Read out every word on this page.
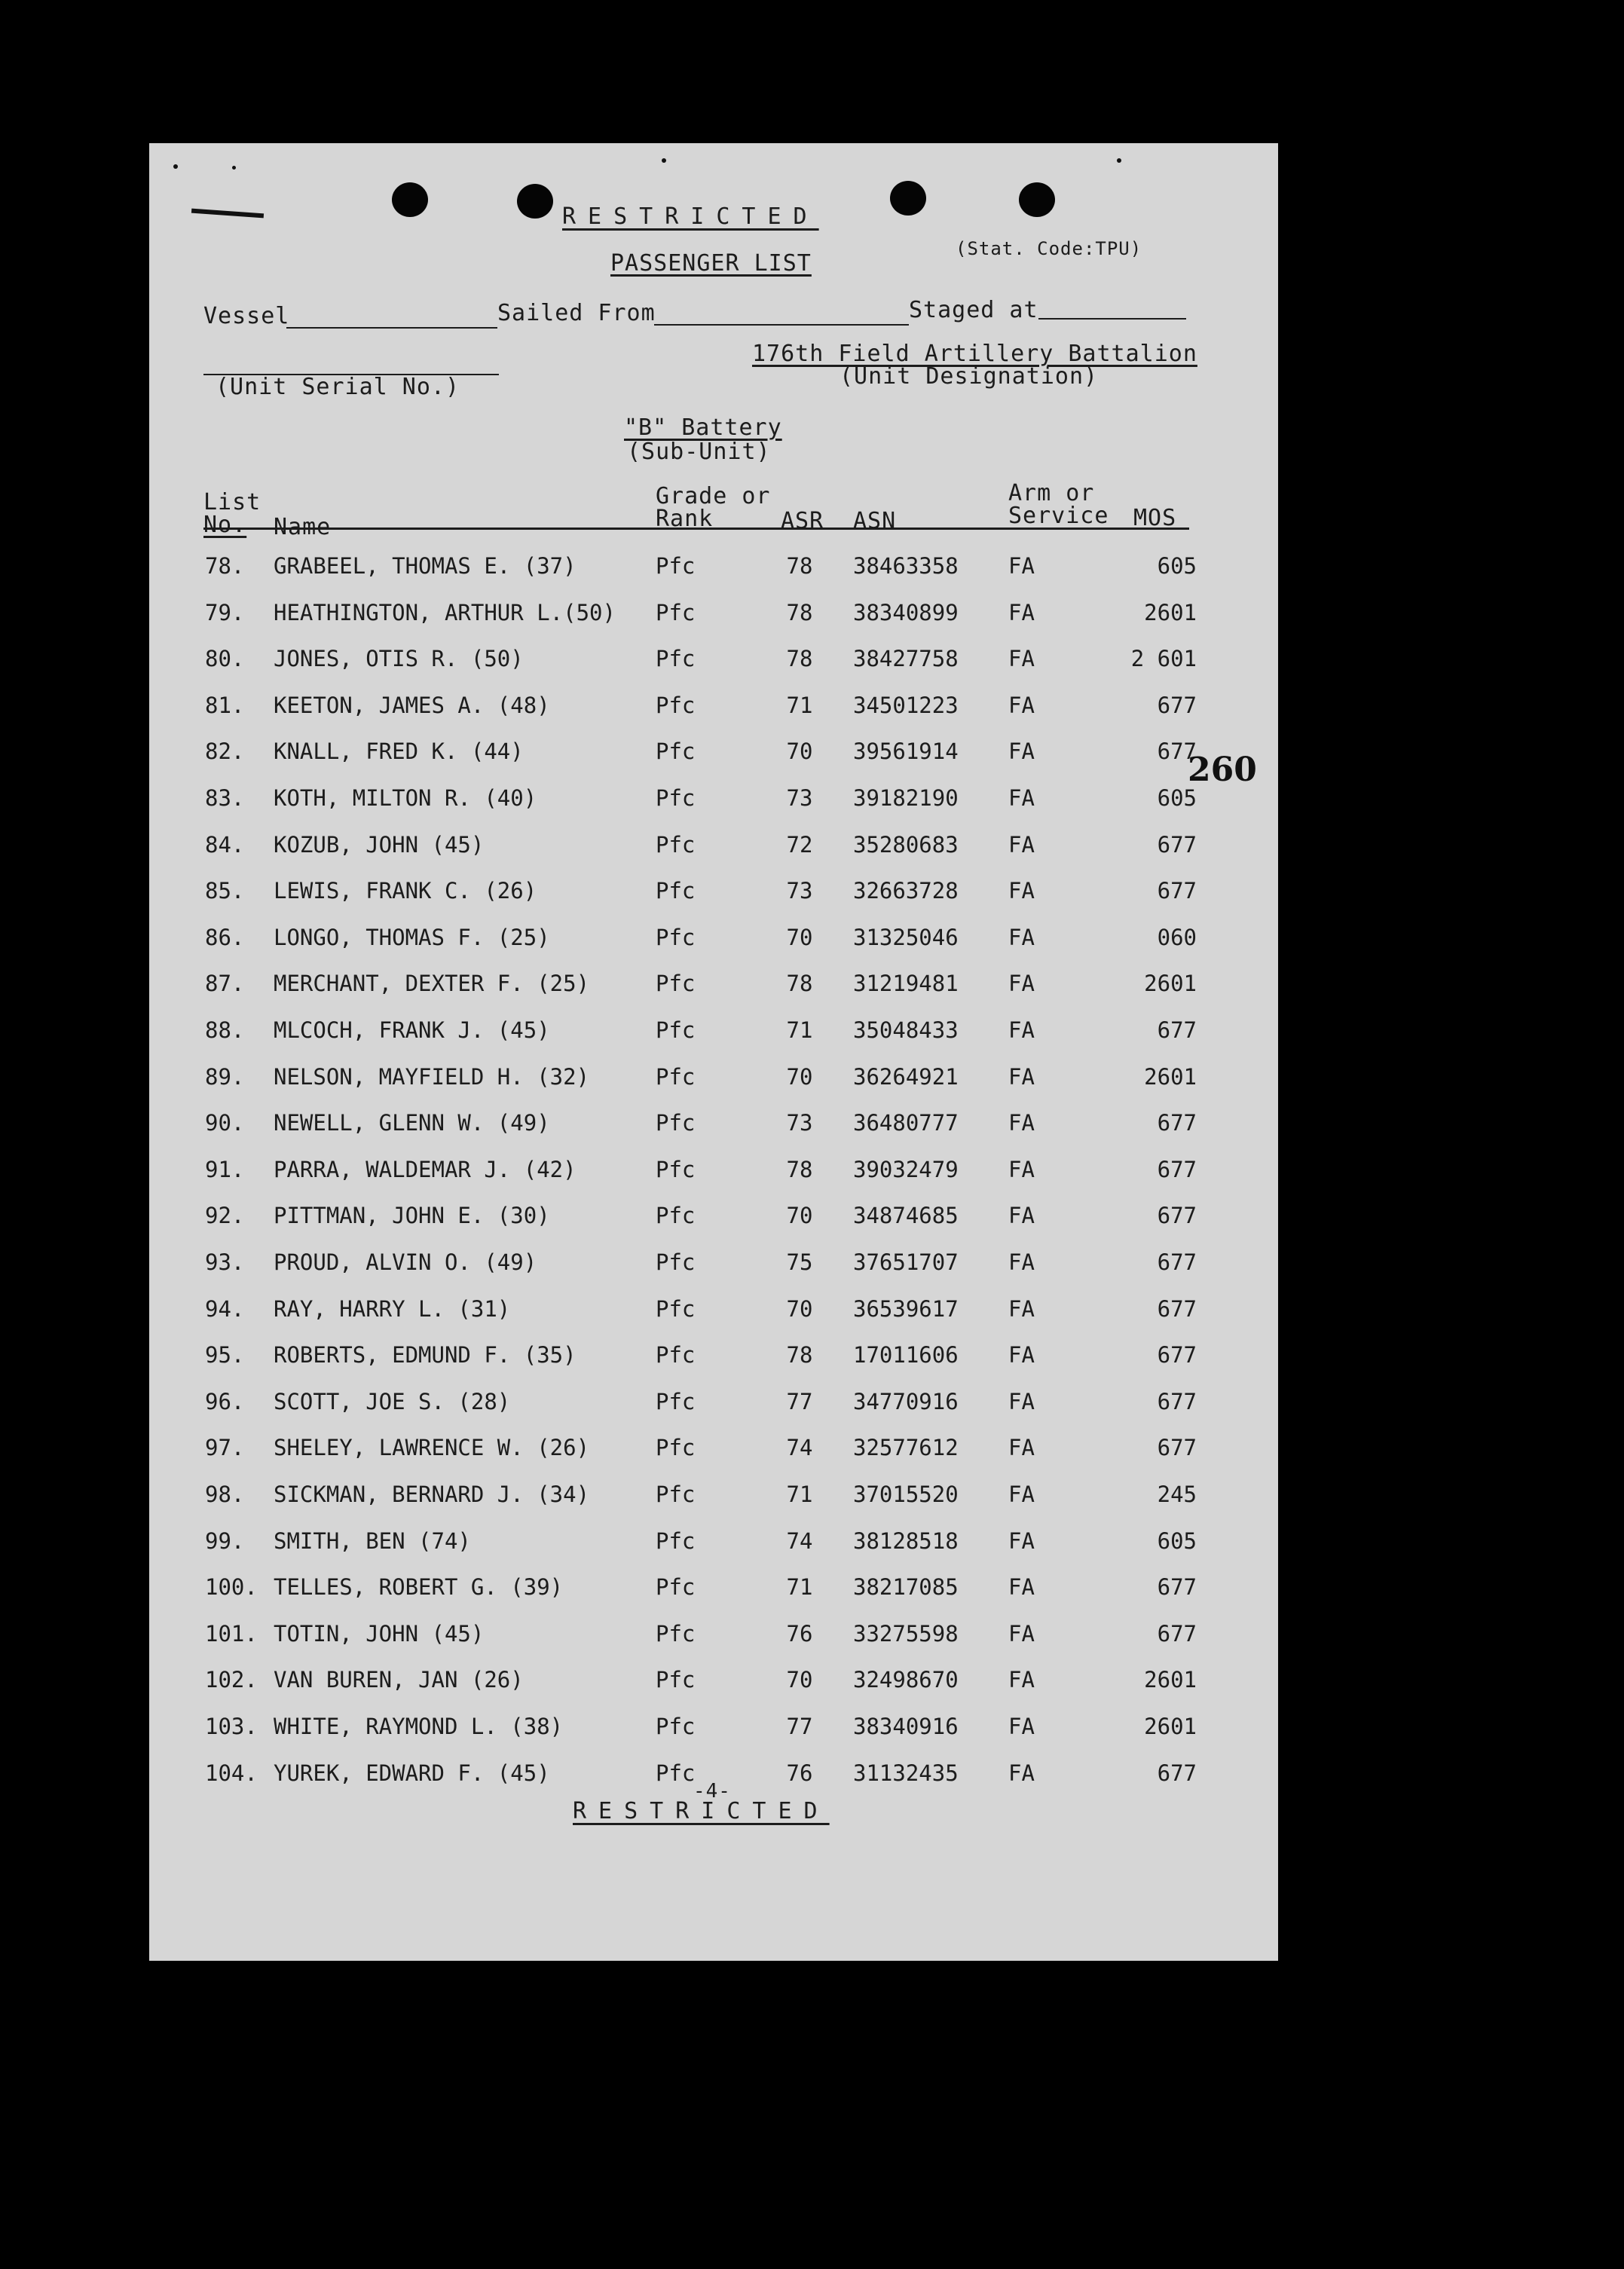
RESTRICTED
(Stat. Code:TPU)
PASSENGER LIST
Vessel	Sailed From	Staged at
176th Field Artillery Battalion
(Unit Designation)
(Unit Serial No.)
"B" Battery
(Sub-Unit)
List
No.	Name
Grade or
Rank	ASR ASN
Arm or
Service MOS
78. GRABEEL, THOMAS E. (37)	Pfc	78 38463358 FA	605
79. HEATHINGTON, ARTHUR L.(50) Pfc	78 38340899 FA	2601
80. JONES, OTIS R. (50)	Pfc	78 38427758 FA	2 601
81. KEETON, JAMES A. (48)	Pfc	71 34501223 FA	677
82. KNALL, FRED K. (44)	Pfc	70 39561914 FA	677
83. KOTH, MILTON R. (40)	Pfc	73 39182190 FA	605
84. KOZUB, JOHN (45)	Pfc	72 35280683 FA	677
85. LEWIS, FRANK C. (26)	Pfc	73 32663728 FA	677
86. LONGO, THOMAS F. (25)	Pfc	70 31325046 FA	060
87. MERCHANT, DEXTER F. (25)	Pfc	78 31219481 FA	2601
88. MLCOCH, FRANK J. (45)	Pfc	71 35048433 FA	677
89. NELSON, MAYFIELD H. (32)	Pfc	70 36264921 FA	2601
90. NEWELL, GLENN W. (49)	Pfc	73 36480777 FA	677
91. PARRA, WALDEMAR J. (42)	Pfc	78 39032479 FA	677
92. PITTMAN, JOHN E. (30)	Pfc	70 34874685 FA	677
93. PROUD, ALVIN O. (49)	Pfc	75 37651707 FA	677
94. RAY, HARRY L. (31)	Pfc	70 36539617 FA	677
95. ROBERTS, EDMUND F. (35)	Pfc	78 17011606 FA	677
96. SCOTT, JOE S. (28)	Pfc	77 34770916 FA	677
97. SHELEY, LAWRENCE W. (26)	Pfc	74 32577612 FA	677
98. SICKMAN, BERNARD J. (34)	Pfc	71 37015520 FA	245
99. SMITH, BEN (74)	Pfc	74 38128518 FA	605
100. TELLES, ROBERT G. (39)	Pfc	71 38217085 FA	677
101. TOTIN, JOHN (45)	Pfc	76 33275598 FA	677
102. VAN BUREN, JAN (26)	Pfc	70 32498670 FA	2601
103. WHITE, RAYMOND L. (38)	Pfc	77 38340916 FA	2601
104. YUREK, EDWARD F. (45)	Pfc	76 31132435 FA	677
260
-4-
RESTRICTED
